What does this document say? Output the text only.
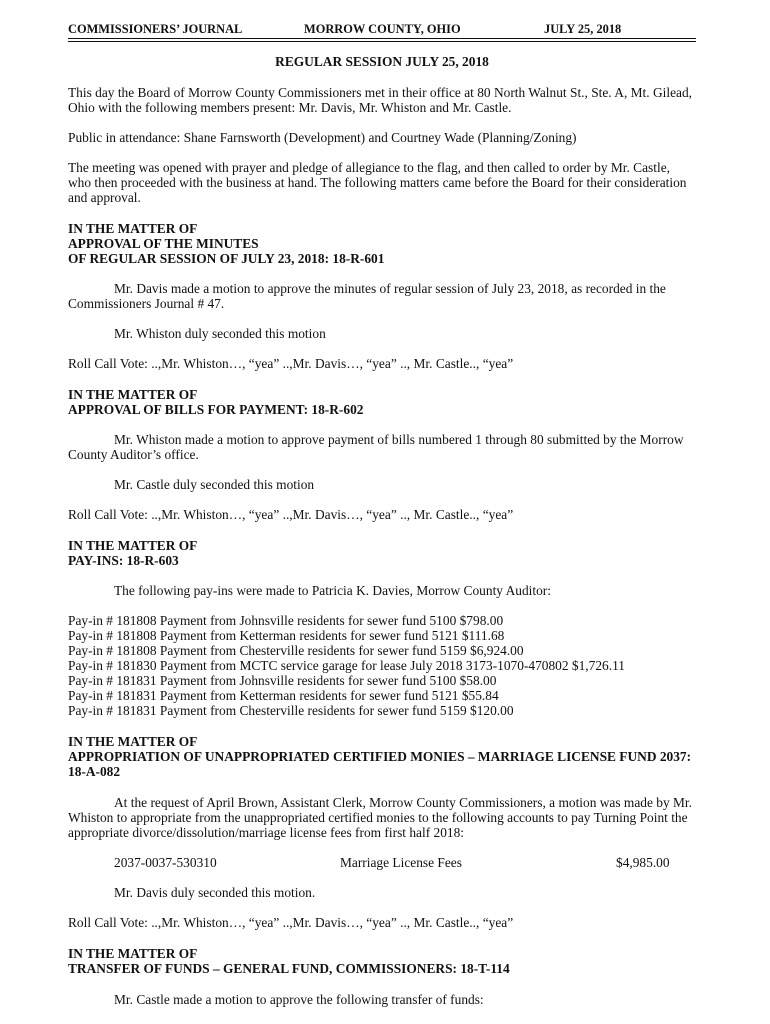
COMMISSIONERS’ JOURNAL	MORROW COUNTY, OHIO	JULY 25, 2018

REGULAR SESSION JULY 25, 2018

This day the Board of Morrow County Commissioners met in their office at 80 North Walnut St., Ste. A, Mt. Gilead, Ohio with the following members present: Mr. Davis, Mr. Whiston and Mr. Castle.

Public in attendance: Shane Farnsworth (Development) and Courtney Wade (Planning/Zoning)

The meeting was opened with prayer and pledge of allegiance to the flag, and then called to order by Mr. Castle, who then proceeded with the business at hand. The following matters came before the Board for their consideration and approval.

IN THE MATTER OF
APPROVAL OF THE MINUTES
OF REGULAR SESSION OF JULY 23, 2018: 18-R-601

Mr. Davis made a motion to approve the minutes of regular session of July 23, 2018, as recorded in the Commissioners Journal # 47.

Mr. Whiston duly seconded this motion

Roll Call Vote: ..,Mr. Whiston…, “yea” ..,Mr. Davis…, “yea” .., Mr. Castle.., “yea”

IN THE MATTER OF
APPROVAL OF BILLS FOR PAYMENT: 18-R-602

Mr. Whiston made a motion to approve payment of bills numbered 1 through 80 submitted by the Morrow County Auditor’s office.

Mr. Castle duly seconded this motion

Roll Call Vote: ..,Mr. Whiston…, “yea” ..,Mr. Davis…, “yea” .., Mr. Castle.., “yea”

IN THE MATTER OF
PAY-INS: 18-R-603

The following pay-ins were made to Patricia K. Davies, Morrow County Auditor:

Pay-in # 181808 Payment from Johnsville residents for sewer fund 5100 $798.00
Pay-in # 181808 Payment from Ketterman residents for sewer fund 5121 $111.68
Pay-in # 181808 Payment from Chesterville residents for sewer fund 5159 $6,924.00
Pay-in # 181830 Payment from MCTC service garage for lease July 2018 3173-1070-470802 $1,726.11
Pay-in # 181831 Payment from Johnsville residents for sewer fund 5100 $58.00
Pay-in # 181831 Payment from Ketterman residents for sewer fund 5121 $55.84
Pay-in # 181831 Payment from Chesterville residents for sewer fund 5159 $120.00
IN THE MATTER OF
APPROPRIATION OF UNAPPROPRIATED CERTIFIED MONIES – MARRIAGE LICENSE FUND 2037: 18-A-082

At the request of April Brown, Assistant Clerk, Morrow County Commissioners, a motion was made by Mr. Whiston to appropriate from the unappropriated certified monies to the following accounts to pay Turning Point the appropriate divorce/dissolution/marriage license fees from first half 2018:

2037-0037-530310	Marriage License Fees	$4,985.00

Mr. Davis duly seconded this motion.

Roll Call Vote: ..,Mr. Whiston…, “yea” ..,Mr. Davis…, “yea” .., Mr. Castle.., “yea”

IN THE MATTER OF
TRANSFER OF FUNDS – GENERAL FUND, COMMISSIONERS: 18-T-114

Mr. Castle made a motion to approve the following transfer of funds:
